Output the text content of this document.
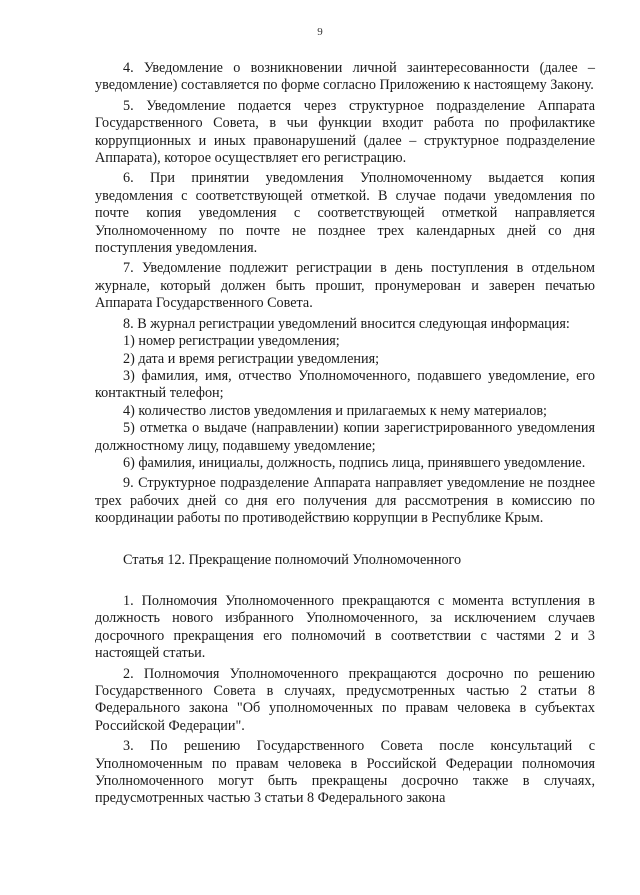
9

4. Уведомление о возникновении личной заинтересованности (далее – уведомление) составляется по форме согласно Приложению к настоящему Закону.

5. Уведомление подается через структурное подразделение Аппарата Государственного Совета, в чьи функции входит работа по профилактике коррупционных и иных правонарушений (далее – структурное подразделение Аппарата), которое осуществляет его регистрацию.

6. При принятии уведомления Уполномоченному выдается копия уведомления с соответствующей отметкой. В случае подачи уведомления по почте копия уведомления с соответствующей отметкой направляется Уполномоченному по почте не позднее трех календарных дней со дня поступления уведомления.

7. Уведомление подлежит регистрации в день поступления в отдельном журнале, который должен быть прошит, пронумерован и заверен печатью Аппарата Государственного Совета.

8. В журнал регистрации уведомлений вносится следующая информация:

1) номер регистрации уведомления;

2) дата и время регистрации уведомления;

3) фамилия, имя, отчество Уполномоченного, подавшего уведомление, его контактный телефон;

4) количество листов уведомления и прилагаемых к нему материалов;

5) отметка о выдаче (направлении) копии зарегистрированного уведомления должностному лицу, подавшему уведомление;

6) фамилия, инициалы, должность, подпись лица, принявшего уведомление.

9. Структурное подразделение Аппарата направляет уведомление не позднее трех рабочих дней со дня его получения для рассмотрения в комиссию по координации работы по противодействию коррупции в Республике Крым.

Статья 12. Прекращение полномочий Уполномоченного

1. Полномочия Уполномоченного прекращаются с момента вступления в должность нового избранного Уполномоченного, за исключением случаев досрочного прекращения его полномочий в соответствии с частями 2 и 3 настоящей статьи.

2. Полномочия Уполномоченного прекращаются досрочно по решению Государственного Совета в случаях, предусмотренных частью 2 статьи 8 Федерального закона "Об уполномоченных по правам человека в субъектах Российской Федерации".

3. По решению Государственного Совета после консультаций с Уполномоченным по правам человека в Российской Федерации полномочия Уполномоченного могут быть прекращены досрочно также в случаях, предусмотренных частью 3 статьи 8 Федерального закона
